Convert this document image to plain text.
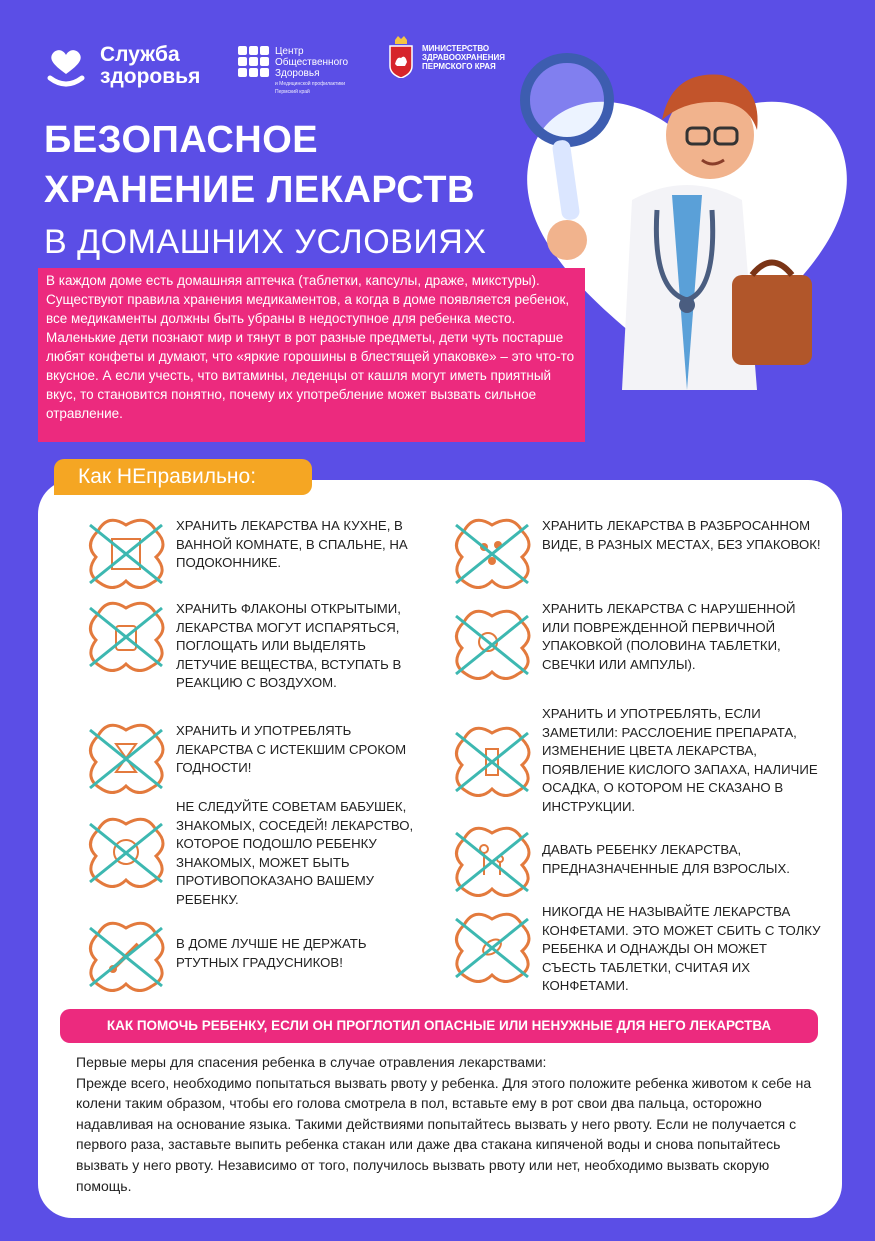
Служба
здоровья
Центр
Общественного
Здоровья
и Медицинской профилактики
Пермский край
МИНИСТЕРСТВО
ЗДРАВООХРАНЕНИЯ
ПЕРМСКОГО КРАЯ
БЕЗОПАСНОЕ
ХРАНЕНИЕ ЛЕКАРСТВ
В ДОМАШНИХ УСЛОВИЯХ
В каждом доме есть домашняя аптечка (таблетки, капсулы, драже, микстуры). Существуют правила хранения медикаментов, а когда в доме появляется ребенок, все медикаменты должны быть убраны в недоступное для ребенка место. Маленькие дети познают мир и тянут в рот разные предметы, дети чуть постарше любят конфеты и думают, что «яркие горошины в блестящей упаковке» – это что-то вкусное. А если учесть, что витамины, леденцы от кашля могут иметь приятный вкус, то становится понятно, почему их употребление может вызвать сильное отравление.
Как НЕправильно:
ХРАНИТЬ ЛЕКАРСТВА НА КУХНЕ, В ВАННОЙ КОМНАТЕ, В СПАЛЬНЕ, НА ПОДОКОННИКЕ.
ХРАНИТЬ ФЛАКОНЫ ОТКРЫТЫМИ, ЛЕКАРСТВА МОГУТ ИСПАРЯТЬСЯ, ПОГЛОЩАТЬ ИЛИ ВЫДЕЛЯТЬ ЛЕТУЧИЕ ВЕЩЕСТВА, ВСТУПАТЬ В РЕАКЦИЮ С ВОЗДУХОМ.
ХРАНИТЬ И УПОТРЕБЛЯТЬ ЛЕКАРСТВА С ИСТЕКШИМ СРОКОМ ГОДНОСТИ!
НЕ СЛЕДУЙТЕ СОВЕТАМ БАБУШЕК, ЗНАКОМЫХ, СОСЕДЕЙ! ЛЕКАРСТВО, КОТОРОЕ ПОДОШЛО РЕБЕНКУ ЗНАКОМЫХ, МОЖЕТ БЫТЬ ПРОТИВОПОКАЗАНО ВАШЕМУ РЕБЕНКУ.
В ДОМЕ ЛУЧШЕ НЕ ДЕРЖАТЬ РТУТНЫХ ГРАДУСНИКОВ!
ХРАНИТЬ ЛЕКАРСТВА В РАЗБРОСАННОМ ВИДЕ, В РАЗНЫХ МЕСТАХ, БЕЗ УПАКОВОК!
ХРАНИТЬ ЛЕКАРСТВА С НАРУШЕННОЙ ИЛИ ПОВРЕЖДЕННОЙ ПЕРВИЧНОЙ УПАКОВКОЙ (ПОЛОВИНА ТАБЛЕТКИ, СВЕЧКИ ИЛИ АМПУЛЫ).
ХРАНИТЬ И УПОТРЕБЛЯТЬ, ЕСЛИ ЗАМЕТИЛИ: РАССЛОЕНИЕ ПРЕПАРАТА, ИЗМЕНЕНИЕ ЦВЕТА ЛЕКАРСТВА, ПОЯВЛЕНИЕ КИСЛОГО ЗАПАХА, НАЛИЧИЕ ОСАДКА, О КОТОРОМ НЕ СКАЗАНО В ИНСТРУКЦИИ.
ДАВАТЬ РЕБЕНКУ ЛЕКАРСТВА, ПРЕДНАЗНАЧЕННЫЕ ДЛЯ ВЗРОСЛЫХ.
НИКОГДА НЕ НАЗЫВАЙТЕ ЛЕКАРСТВА КОНФЕТАМИ. ЭТО МОЖЕТ СБИТЬ С ТОЛКУ РЕБЕНКА И ОДНАЖДЫ ОН МОЖЕТ СЪЕСТЬ ТАБЛЕТКИ, СЧИТАЯ ИХ КОНФЕТАМИ.
КАК ПОМОЧЬ РЕБЕНКУ, ЕСЛИ ОН ПРОГЛОТИЛ ОПАСНЫЕ ИЛИ НЕНУЖНЫЕ ДЛЯ НЕГО ЛЕКАРСТВА

Первые меры для спасения ребенка в случае отравления лекарствами:

Прежде всего, необходимо попытаться вызвать рвоту у ребенка. Для этого положите ребенка животом к себе на колени таким образом, чтобы его голова смотрела в пол, вставьте ему в рот свои два пальца, осторожно надавливая на основание языка. Такими действиями попытайтесь вызвать у него рвоту. Если не получается с первого раза, заставьте выпить ребенка стакан или даже два стакана кипяченой воды и снова попытайтесь вызвать у него рвоту. Независимо от того, получилось вызвать рвоту или нет, необходимо вызвать скорую помощь.
